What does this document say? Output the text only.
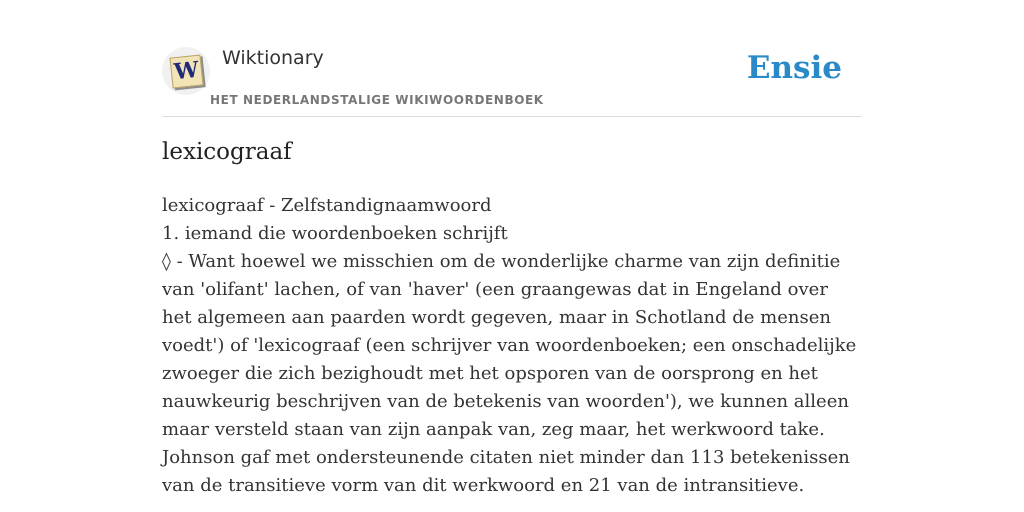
W Wiktionary
HET NEDERLANDSTALIGE WIKIWOORDENBOEK
Ensie
lexicograaf

lexicograaf - Zelfstandignaamwoord

1. iemand die woordenboeken schrijft

◊ - Want hoewel we misschien om de wonderlijke charme van zijn definitie van 'olifant' lachen, of van 'haver' (een graangewas dat in Engeland over het algemeen aan paarden wordt gegeven, maar in Schotland de mensen voedt') of 'lexicograaf (een schrijver van woordenboeken; een onschadelijke zwoeger die zich bezighoudt met het opsporen van de oorsprong en het nauwkeurig beschrijven van de betekenis van woorden'), we kunnen alleen maar versteld staan van zijn aanpak van, zeg maar, het werkwoord take. Johnson gaf met ondersteunende citaten niet minder dan 113 betekenissen van de transitieve vorm van dit werkwoord en 21 van de intransitieve.
